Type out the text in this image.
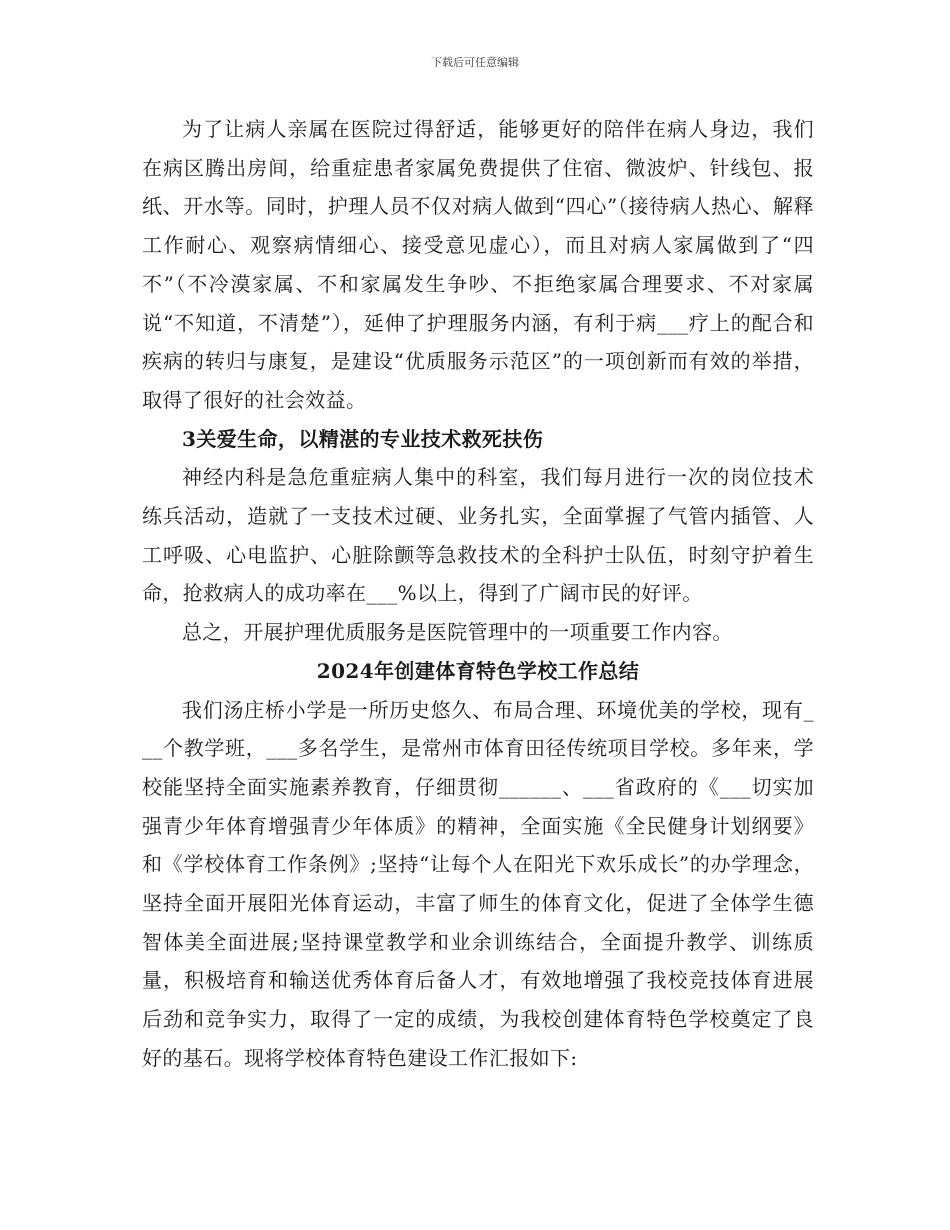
下载后可任意编辑

为了让病人亲属在医院过得舒适，能够更好的陪伴在病人身边，我们在病区腾出房间，给重症患者家属免费提供了住宿、微波炉、针线包、报纸、开水等。同时，护理人员不仅对病人做到“四心”（接待病人热心、解释工作耐心、观察病情细心、接受意见虚心），而且对病人家属做到了“四不”（不冷漠家属、不和家属发生争吵、不拒绝家属合理要求、不对家属说“不知道，不清楚”），延伸了护理服务内涵，有利于病___疗上的配合和疾病的转归与康复，是建设“优质服务示范区”的一项创新而有效的举措，取得了很好的社会效益。

3关爱生命，以精湛的专业技术救死扶伤

神经内科是急危重症病人集中的科室，我们每月进行一次的岗位技术练兵活动，造就了一支技术过硬、业务扎实，全面掌握了气管内插管、人工呼吸、心电监护、心脏除颤等急救技术的全科护士队伍，时刻守护着生命，抢救病人的成功率在___%以上，得到了广阔市民的好评。

总之，开展护理优质服务是医院管理中的一项重要工作内容。

2024年创建体育特色学校工作总结

我们汤庄桥小学是一所历史悠久、布局合理、环境优美的学校，现有___个教学班，___多名学生，是常州市体育田径传统项目学校。多年来，学校能坚持全面实施素养教育，仔细贯彻______、___省政府的《___切实加强青少年体育增强青少年体质》的精神，全面实施《全民健身计划纲要》和《学校体育工作条例》;坚持“让每个人在阳光下欢乐成长”的办学理念，坚持全面开展阳光体育运动，丰富了师生的体育文化，促进了全体学生德智体美全面进展;坚持课堂教学和业余训练结合，全面提升教学、训练质量，积极培育和输送优秀体育后备人才，有效地增强了我校竞技体育进展后劲和竞争实力，取得了一定的成绩，为我校创建体育特色学校奠定了良好的基石。现将学校体育特色建设工作汇报如下:
